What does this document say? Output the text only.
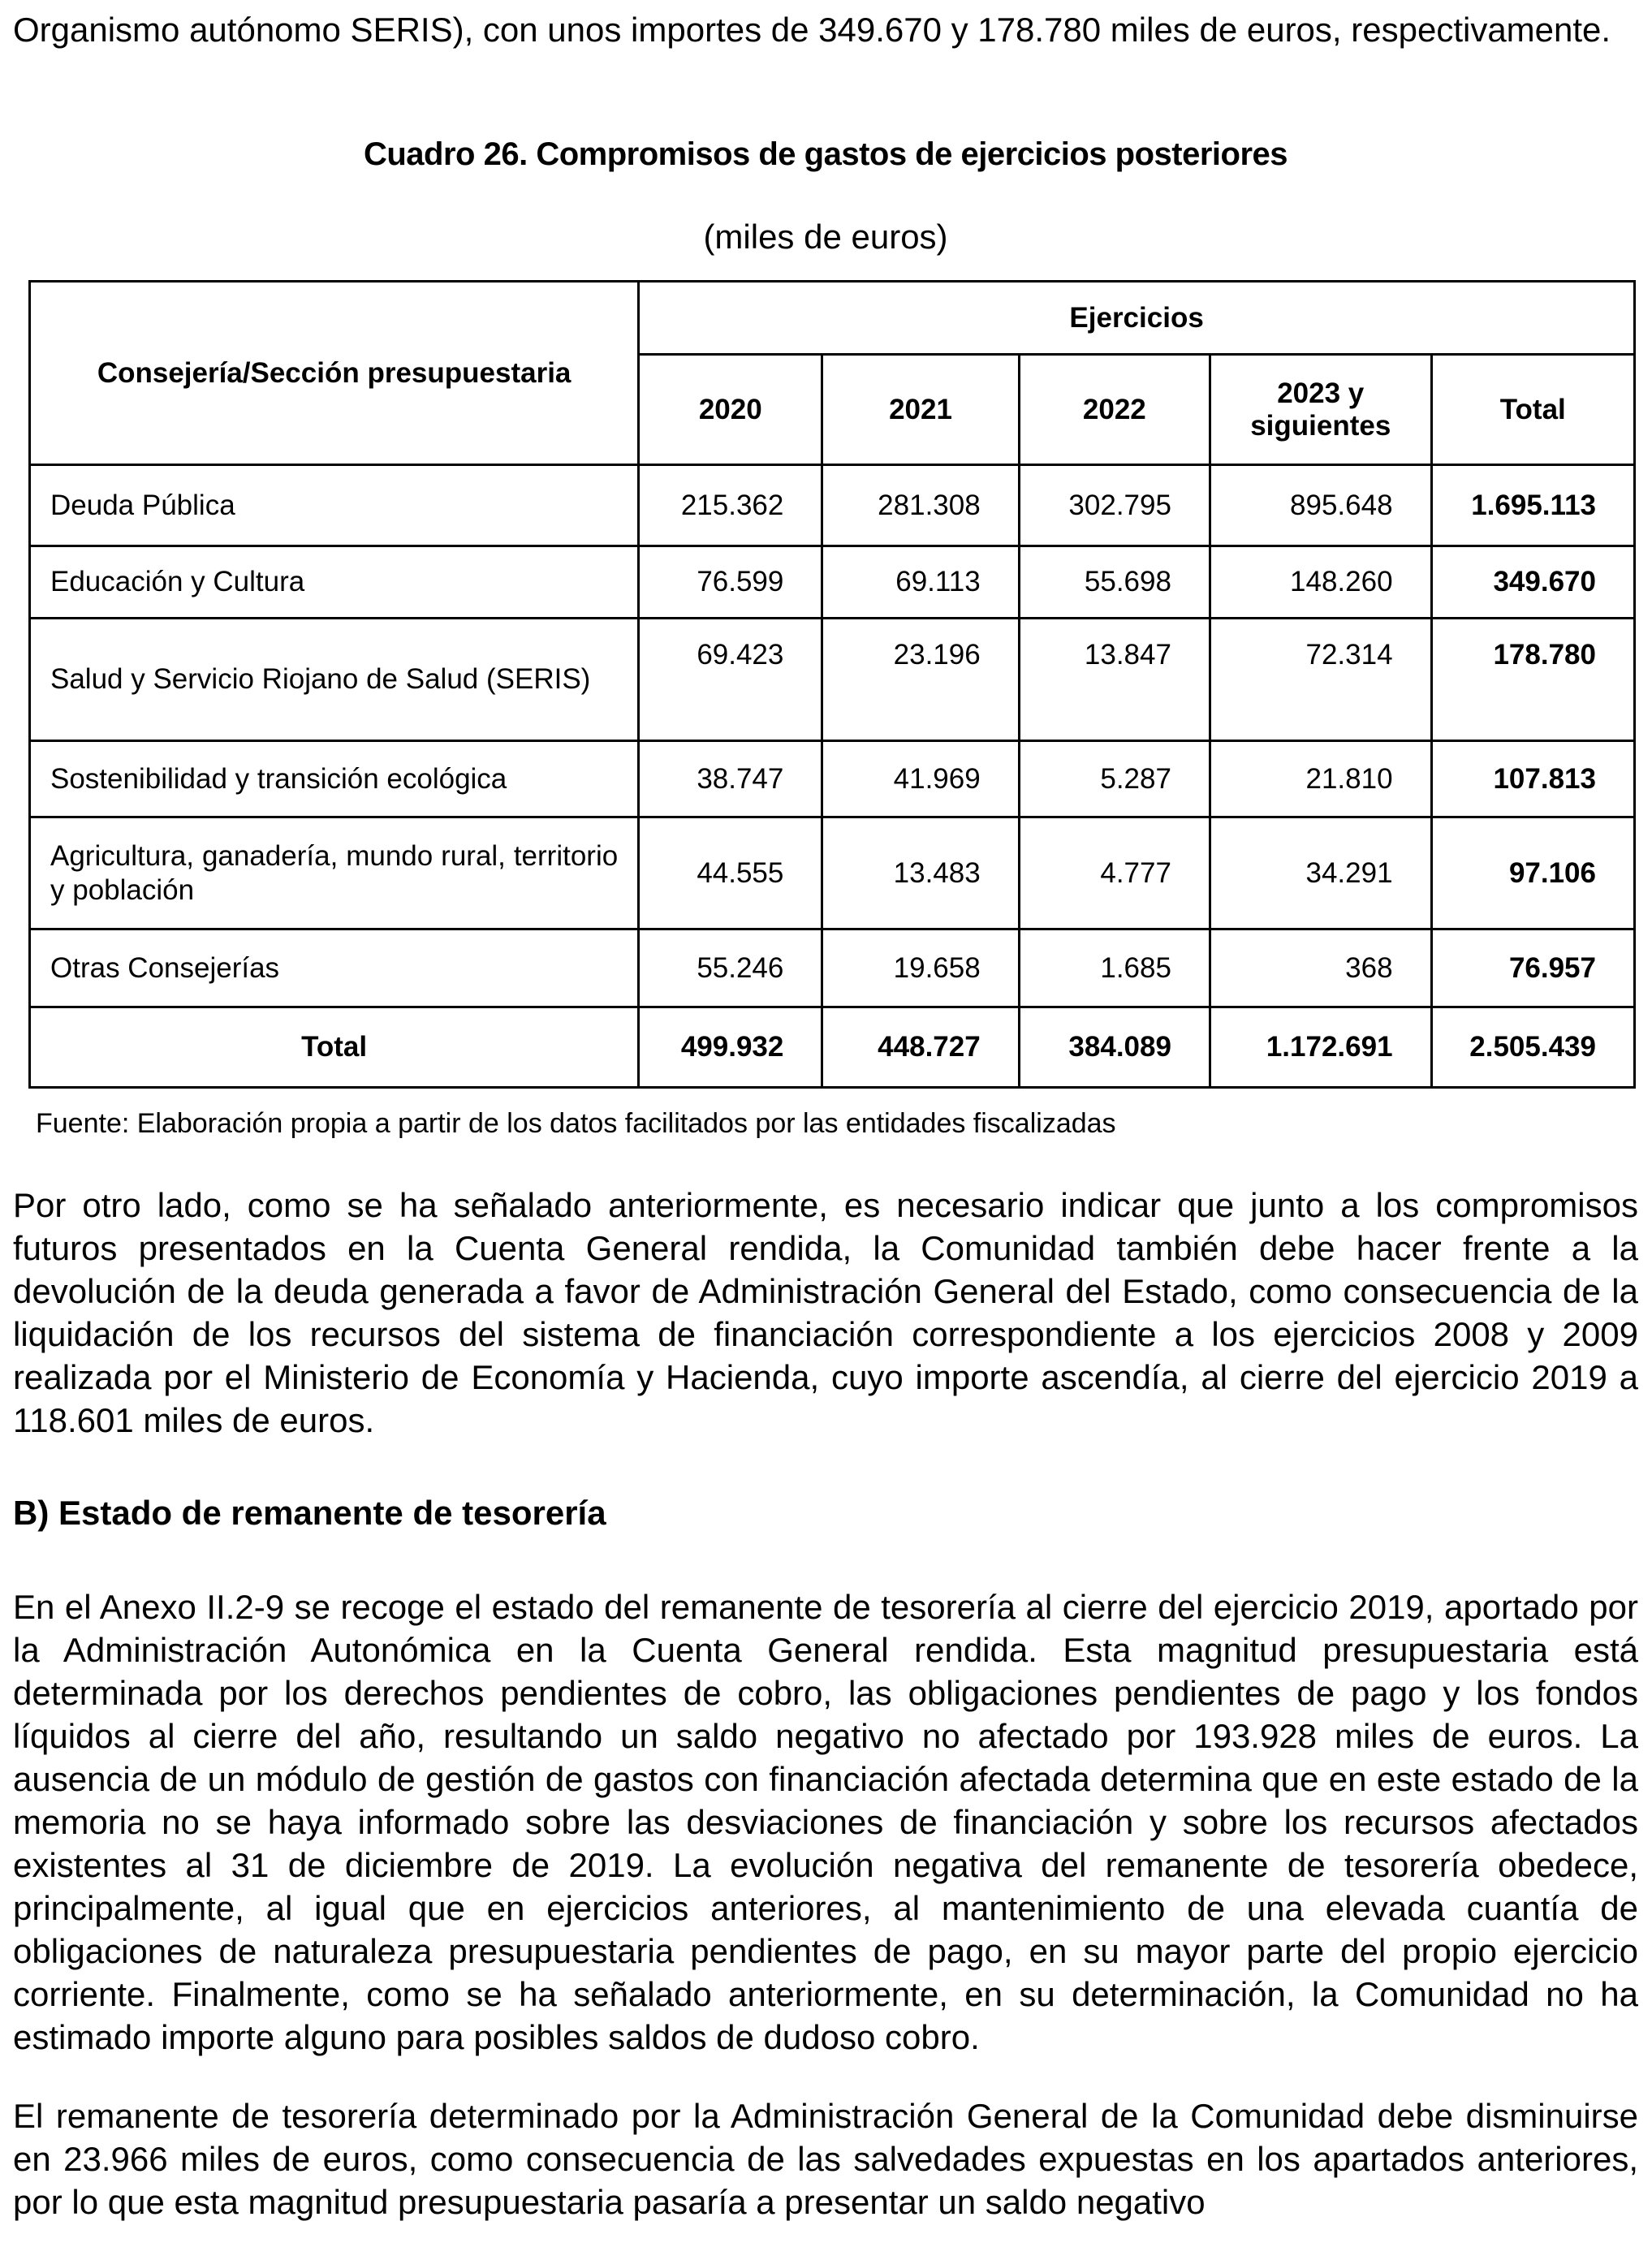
Organismo autónomo SERIS), con unos importes de 349.670 y 178.780 miles de euros, respectivamente.

Cuadro 26. Compromisos de gastos de ejercicios posteriores
(miles de euros)
Consejería/Sección presupuestaria	Ejercicios				
	2020	2021	2022	2023 y siguientes	Total
Deuda Pública	215.362	281.308	302.795	895.648	1.695.113
Educación y Cultura	76.599	69.113	55.698	148.260	349.670
Salud y Servicio Riojano de Salud (SERIS)	69.423	23.196	13.847	72.314	178.780
Sostenibilidad y transición ecológica	38.747	41.969	5.287	21.810	107.813
Agricultura, ganadería, mundo rural, territorio y población	44.555	13.483	4.777	34.291	97.106
Otras Consejerías	55.246	19.658	1.685	368	76.957
Total	499.932	448.727	384.089	1.172.691	2.505.439
Fuente: Elaboración propia a partir de los datos facilitados por las entidades fiscalizadas

Por otro lado, como se ha señalado anteriormente, es necesario indicar que junto a los compromisos futuros presentados en la Cuenta General rendida, la Comunidad también debe hacer frente a la devolución de la deuda generada a favor de Administración General del Estado, como consecuencia de la liquidación de los recursos del sistema de financiación correspondiente a los ejercicios 2008 y 2009 realizada por el Ministerio de Economía y Hacienda, cuyo importe ascendía, al cierre del ejercicio 2019 a 118.601 miles de euros.

B) Estado de remanente de tesorería

En el Anexo II.2-9 se recoge el estado del remanente de tesorería al cierre del ejercicio 2019, aportado por la Administración Autonómica en la Cuenta General rendida. Esta magnitud presupuestaria está determinada por los derechos pendientes de cobro, las obligaciones pendientes de pago y los fondos líquidos al cierre del año, resultando un saldo negativo no afectado por 193.928 miles de euros. La ausencia de un módulo de gestión de gastos con financiación afectada determina que en este estado de la memoria no se haya informado sobre las desviaciones de financiación y sobre los recursos afectados existentes al 31 de diciembre de 2019. La evolución negativa del remanente de tesorería obedece, principalmente, al igual que en ejercicios anteriores, al mantenimiento de una elevada cuantía de obligaciones de naturaleza presupuestaria pendientes de pago, en su mayor parte del propio ejercicio corriente. Finalmente, como se ha señalado anteriormente, en su determinación, la Comunidad no ha estimado importe alguno para posibles saldos de dudoso cobro.

El remanente de tesorería determinado por la Administración General de la Comunidad debe disminuirse en 23.966 miles de euros, como consecuencia de las salvedades expuestas en los apartados anteriores, por lo que esta magnitud presupuestaria pasaría a presentar un saldo negativo
